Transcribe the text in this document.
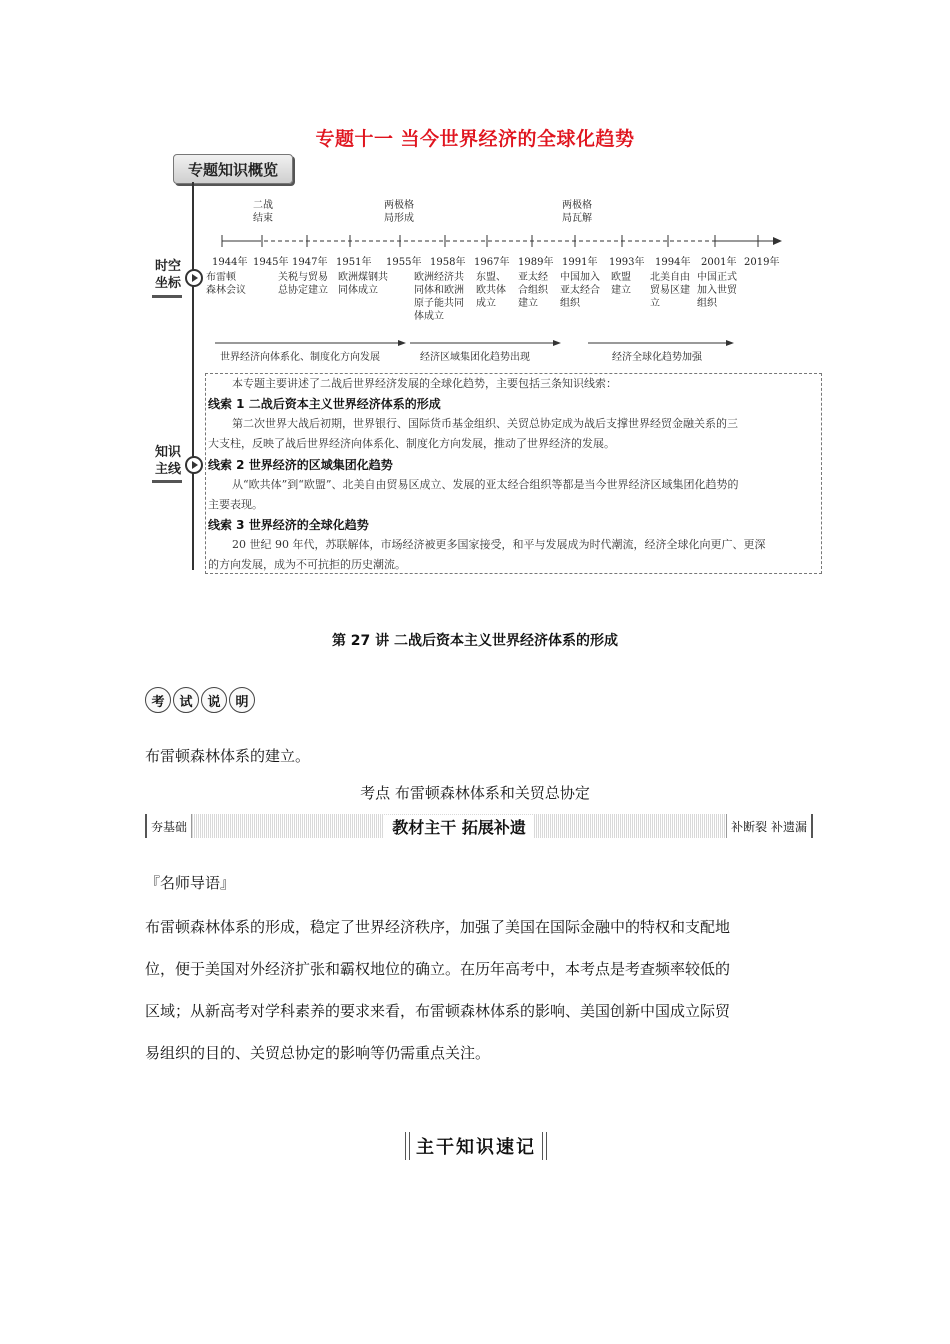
专题十一 当今世界经济的全球化趋势
专题知识概览
时空
坐标
知识
主线
二战
结束
两极格
局形成
两极格
局瓦解
1944年 1945年 1947年 1951年 1955年 1958年 1967年 1989年 1991年 1993年 1994年 2001年 2019年
布雷顿
森林会议
关税与贸易
总协定建立
欧洲煤钢共
同体成立
欧洲经济共
同体和欧洲
原子能共同
体成立
东盟、
欧共体
成立
亚太经
合组织
建立
中国加入
亚太经合
组织
欧盟
建立
北美自由
贸易区建
立
中国正式
加入世贸
组织
世界经济向体系化、制度化方向发展	经济区域集团化趋势出现	经济全球化趋势加强
本专题主要讲述了二战后世界经济发展的全球化趋势，主要包括三条知识线索：
线索 1 二战后资本主义世界经济体系的形成
第二次世界大战后初期，世界银行、国际货币基金组织、关贸总协定成为战后支撑世界经贸金融关系的三
大支柱，反映了战后世界经济向体系化、制度化方向发展，推动了世界经济的发展。
线索 2 世界经济的区域集团化趋势
从“欧共体”到“欧盟”、北美自由贸易区成立、发展的亚太经合组织等都是当今世界经济区域集团化趋势的
主要表现。
线索 3 世界经济的全球化趋势
20 世纪 90 年代，苏联解体，市场经济被更多国家接受，和平与发展成为时代潮流，经济全球化向更广、更深
的方向发展，成为不可抗拒的历史潮流。
第 27 讲 二战后资本主义世界经济体系的形成
考	试	说	明
布雷顿森林体系的建立。
考点 布雷顿森林体系和关贸总协定
夯基础	教材主干 拓展补遗	补断裂 补遗漏
『名师导语』
布雷顿森林体系的形成，稳定了世界经济秩序，加强了美国在国际金融中的特权和支配地
位，便于美国对外经济扩张和霸权地位的确立。在历年高考中，本考点是考查频率较低的
区域；从新高考对学科素养的要求来看，布雷顿森林体系的影响、美国创新中国成立际贸
易组织的目的、关贸总协定的影响等仍需重点关注。
主干知识速记
